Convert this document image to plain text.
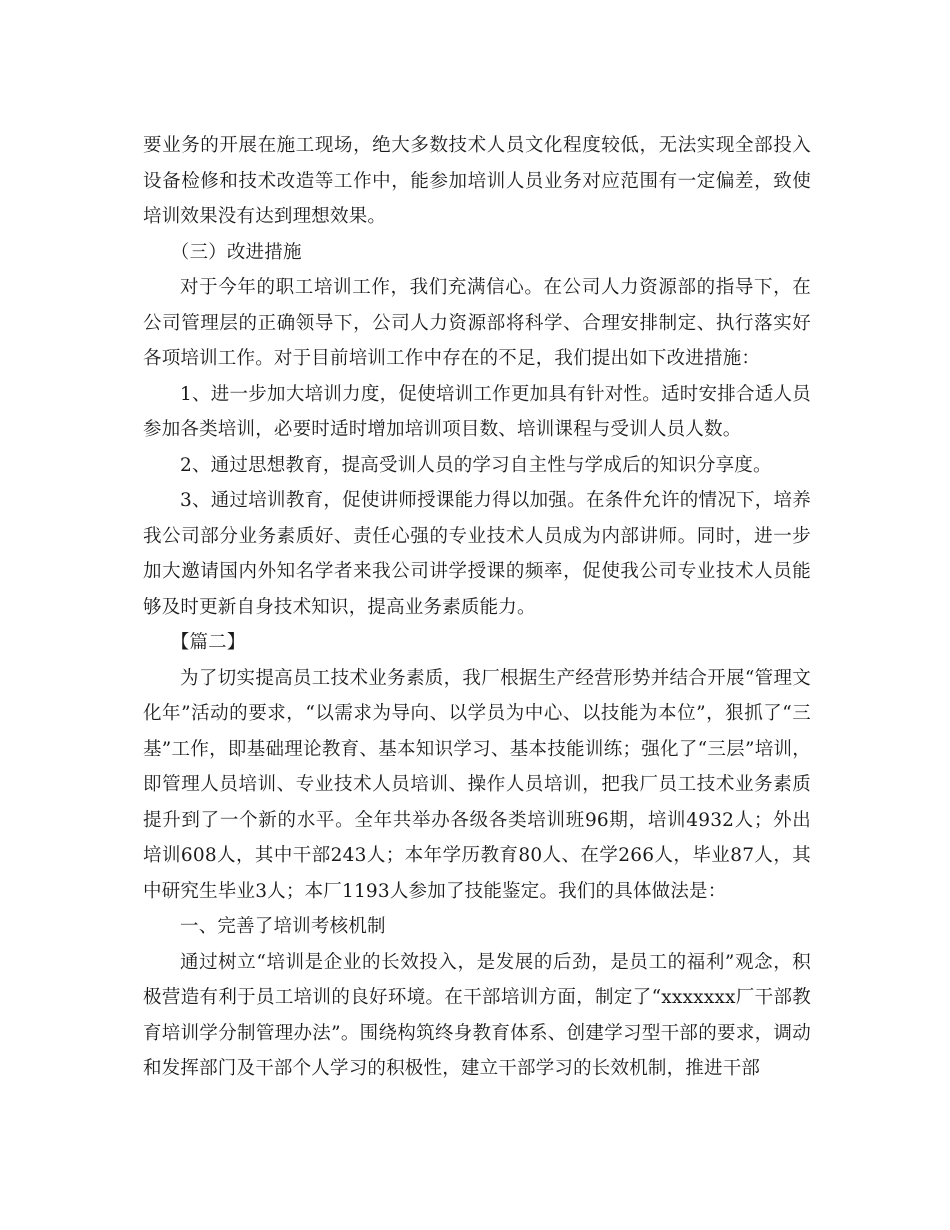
要业务的开展在施工现场，绝大多数技术人员文化程度较低，无法实现全部投入设备检修和技术改造等工作中，能参加培训人员业务对应范围有一定偏差，致使培训效果没有达到理想效果。

（三）改进措施

对于今年的职工培训工作，我们充满信心。在公司人力资源部的指导下，在公司管理层的正确领导下，公司人力资源部将科学、合理安排制定、执行落实好各项培训工作。对于目前培训工作中存在的不足，我们提出如下改进措施：

1、进一步加大培训力度，促使培训工作更加具有针对性。适时安排合适人员参加各类培训，必要时适时增加培训项目数、培训课程与受训人员人数。

2、通过思想教育，提高受训人员的学习自主性与学成后的知识分享度。

3、通过培训教育，促使讲师授课能力得以加强。在条件允许的情况下，培养我公司部分业务素质好、责任心强的专业技术人员成为内部讲师。同时，进一步加大邀请国内外知名学者来我公司讲学授课的频率，促使我公司专业技术人员能够及时更新自身技术知识，提高业务素质能力。

【篇二】

为了切实提高员工技术业务素质，我厂根据生产经营形势并结合开展“管理文化年”活动的要求，“以需求为导向、以学员为中心、以技能为本位”，狠抓了“三基”工作，即基础理论教育、基本知识学习、基本技能训练；强化了“三层”培训，即管理人员培训、专业技术人员培训、操作人员培训，把我厂员工技术业务素质提升到了一个新的水平。全年共举办各级各类培训班96期，培训4932人；外出培训608人，其中干部243人；本年学历教育80人、在学266人，毕业87人，其中研究生毕业3人；本厂1193人参加了技能鉴定。我们的具体做法是：

一、完善了培训考核机制

通过树立“培训是企业的长效投入，是发展的后劲，是员工的福利”观念，积极营造有利于员工培训的良好环境。在干部培训方面，制定了“xxxxxxx厂干部教育培训学分制管理办法”。围绕构筑终身教育体系、创建学习型干部的要求，调动和发挥部门及干部个人学习的积极性，建立干部学习的长效机制，推进干部
